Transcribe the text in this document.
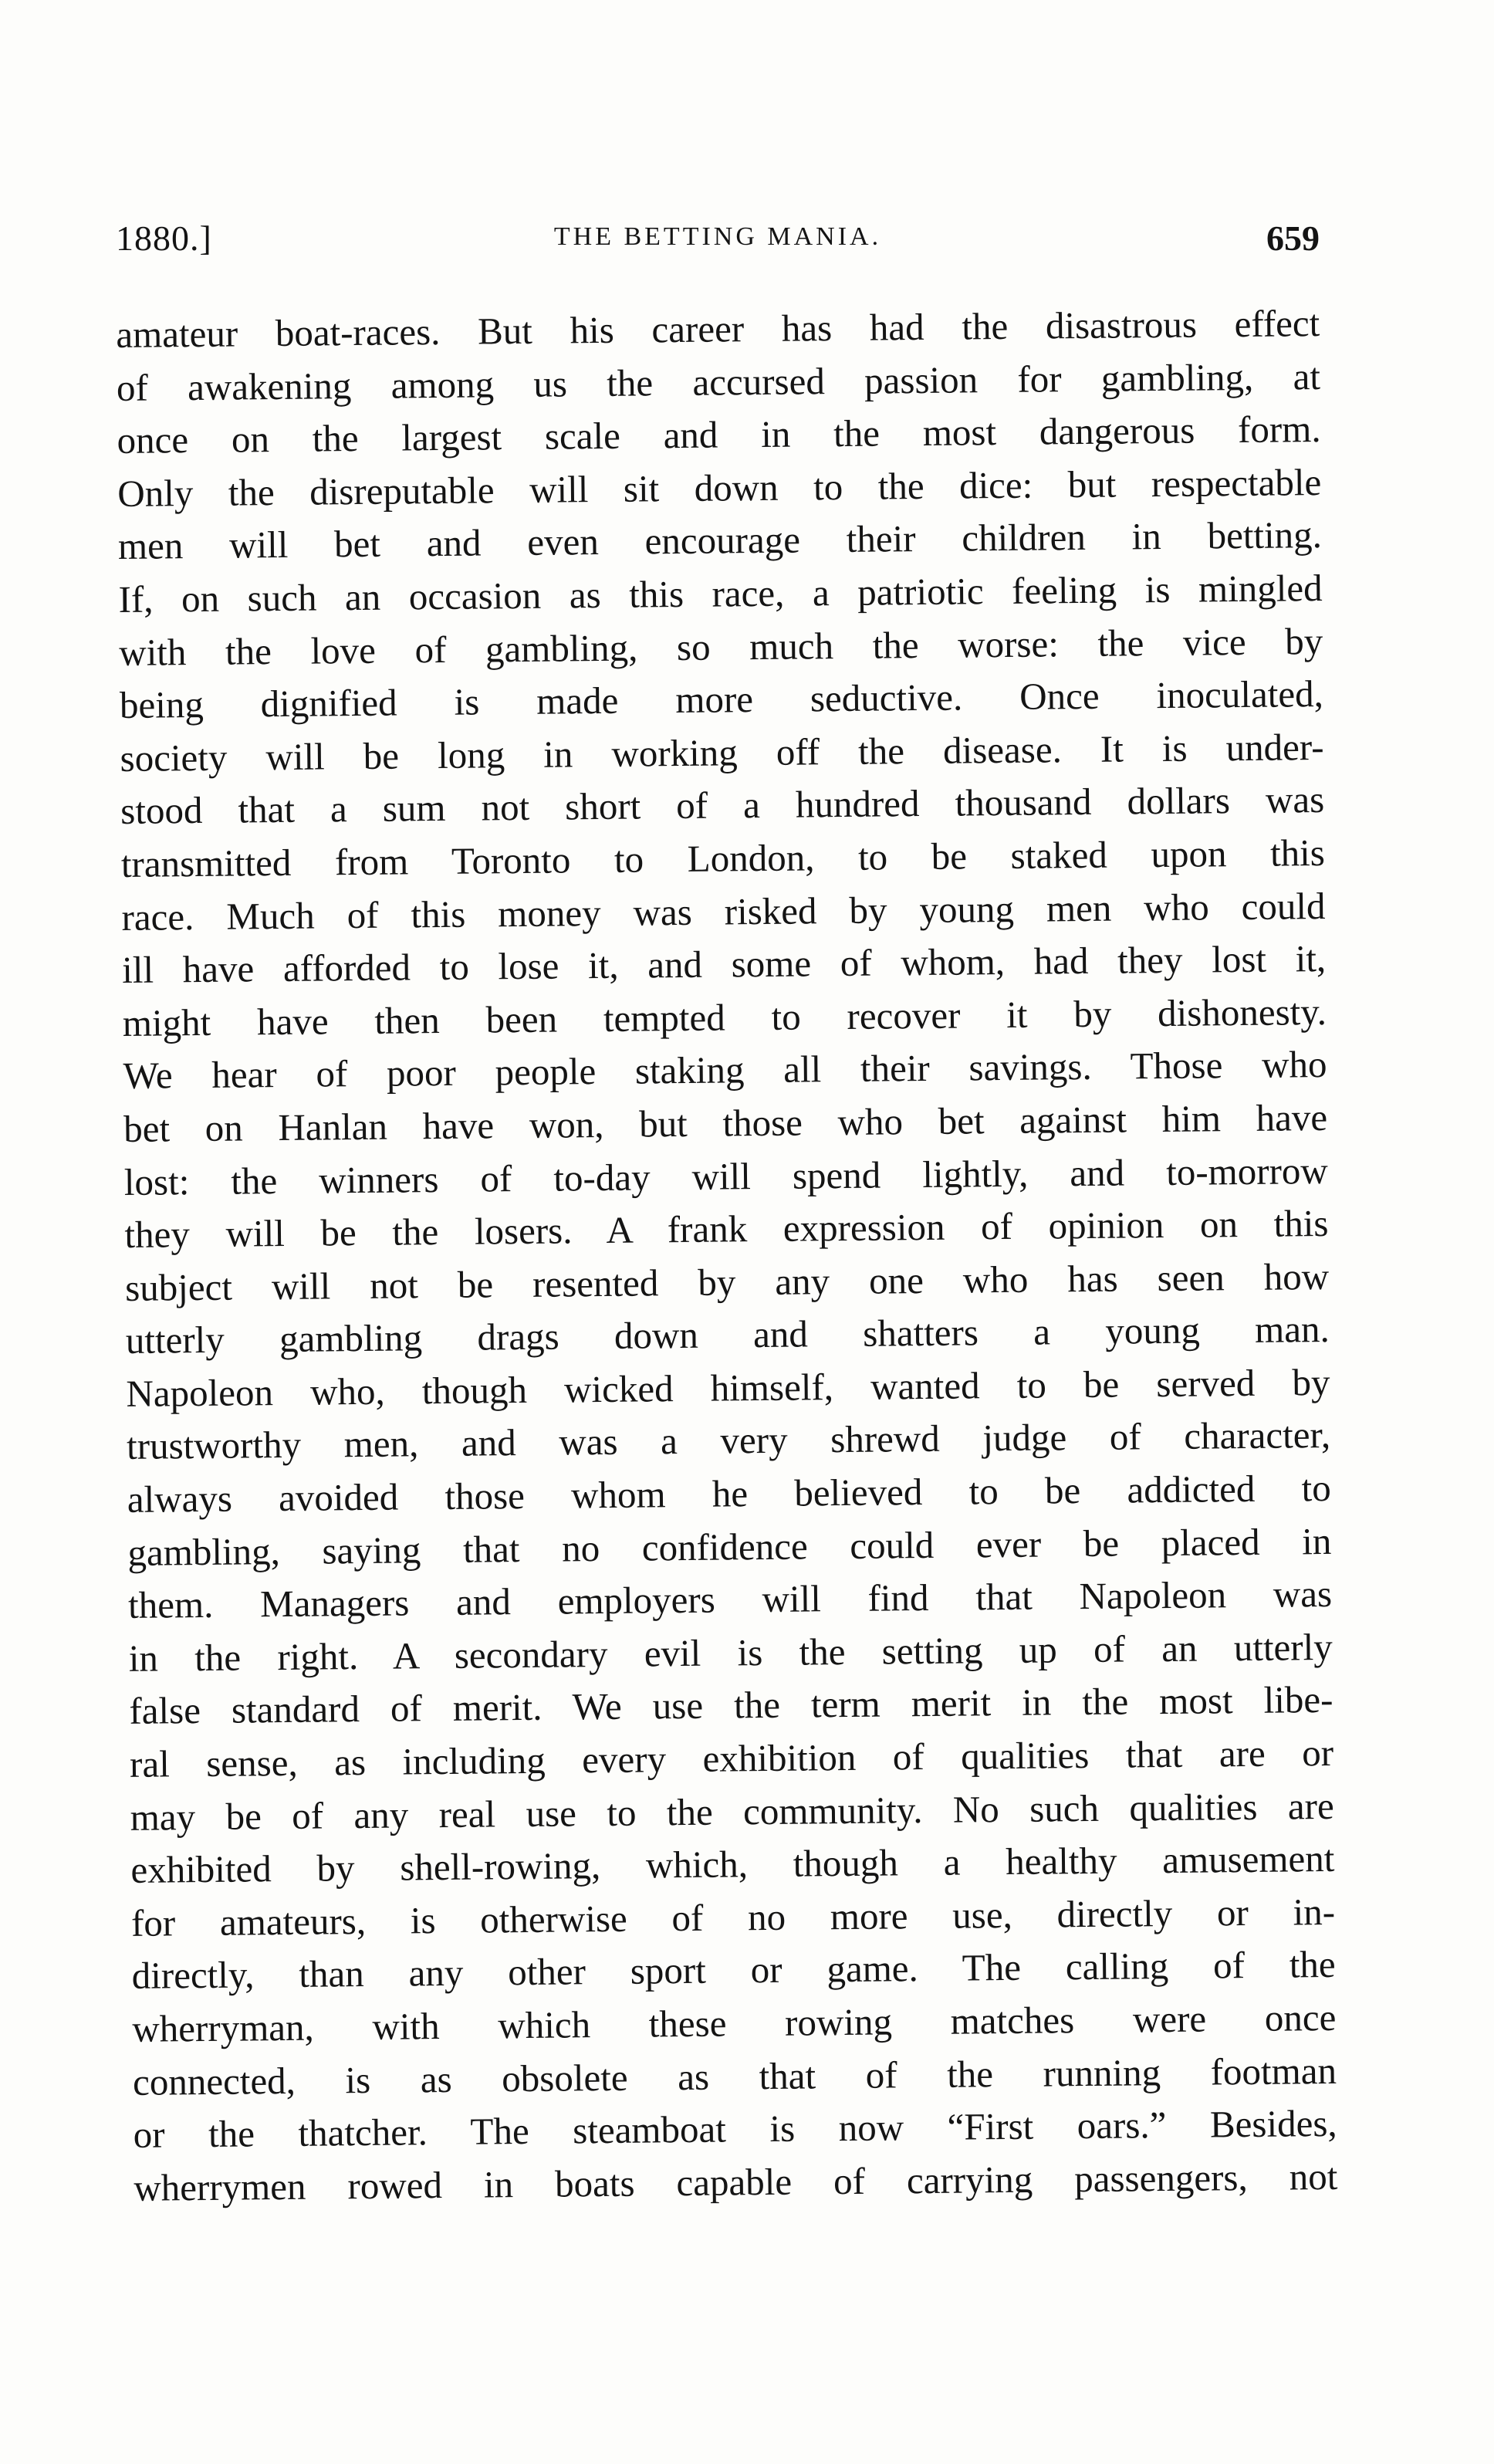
1880.]	THE BETTING MANIA.	659
amateur boat-races. But his career has had the disastrous effect
of awakening among us the accursed passion for gambling, at
once on the largest scale and in the most dangerous form.
Only the disreputable will sit down to the dice: but respectable
men will bet and even encourage their children in betting.
If, on such an occasion as this race, a patriotic feeling is mingled
with the love of gambling, so much the worse: the vice by
being dignified is made more seductive. Once inoculated,
society will be long in working off the disease. It is under-
stood that a sum not short of a hundred thousand dollars was
transmitted from Toronto to London, to be staked upon this
race. Much of this money was risked by young men who could
ill have afforded to lose it, and some of whom, had they lost it,
might have then been tempted to recover it by dishonesty.
We hear of poor people staking all their savings. Those who
bet on Hanlan have won, but those who bet against him have
lost: the winners of to-day will spend lightly, and to-morrow
they will be the losers. A frank expression of opinion on this
subject will not be resented by any one who has seen how
utterly gambling drags down and shatters a young man.
Napoleon who, though wicked himself, wanted to be served by
trustworthy men, and was a very shrewd judge of character,
always avoided those whom he believed to be addicted to
gambling, saying that no confidence could ever be placed in
them. Managers and employers will find that Napoleon was
in the right. A secondary evil is the setting up of an utterly
false standard of merit. We use the term merit in the most libe-
ral sense, as including every exhibition of qualities that are or
may be of any real use to the community. No such qualities are
exhibited by shell-rowing, which, though a healthy amusement
for amateurs, is otherwise of no more use, directly or in-
directly, than any other sport or game. The calling of the
wherryman, with which these rowing matches were once
connected, is as obsolete as that of the running footman
or the thatcher. The steamboat is now “First oars.” Besides,
wherrymen rowed in boats capable of carrying passengers, not
